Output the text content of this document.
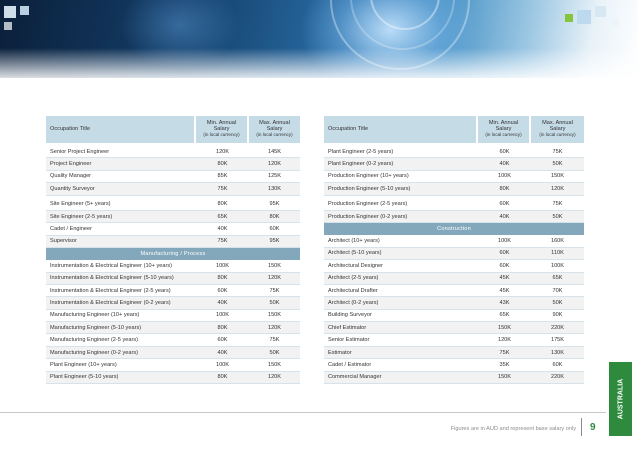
Occupation Title	Min. Annual
Salary
(in local currency)	Max. Annual
Salary
(in local currency)

Senior Project Engineer	120K	145K
Project Engineer	80K	120K
Quality Manager	85K	125K
Quantity Surveyor	75K	130K

Site Engineer (5+ years)	80K	95K
Site Engineer (2-5 years)	65K	80K
Cadet / Engineer	40K	60K
Supervisor	75K	95K
Manufacturing / Process		
Instrumentation & Electrical Engineer (10+ years)	100K	150K
Instrumentation & Electrical Engineer (5-10 years)	80K	120K
Instrumentation & Electrical Engineer (2-5 years)	60K	75K
Instrumentation & Electrical Engineer (0-2 years)	40K	50K
Manufacturing Engineer (10+ years)	100K	150K
Manufacturing Engineer (5-10 years)	80K	120K
Manufacturing Engineer (2-5 years)	60K	75K
Manufacturing Engineer (0-2 years)	40K	50K
Plant Engineer (10+ years)	100K	150K
Plant Engineer (5-10 years)	80K	120K
Occupation Title	Min. Annual
Salary
(in local currency)	Max. Annual
Salary
(in local currency)

Plant Engineer (2-5 years)	60K	75K
Plant Engineer (0-2 years)	40K	50K
Production Engineer (10+ years)	100K	150K
Production Engineer (5-10 years)	80K	120K

Production Engineer (2-5 years)	60K	75K
Production Engineer (0-2 years)	40K	50K
Construction		
Architect (10+ years)	100K	160K
Architect (5-10 years)	60K	110K
Architectural Designer	60K	100K
Architect (2-5 years)	45K	65K
Architectural Drafter	45K	70K
Architect (0-2 years)	43K	50K
Building Surveyor	65K	90K
Chief Estimator	150K	220K
Senior Estimator	120K	175K
Estimator	75K	130K
Cadet / Estimator	35K	60K
Commercial Manager	150K	220K
Figures are in AUD and represent base salary only 9
AUSTRALIA
